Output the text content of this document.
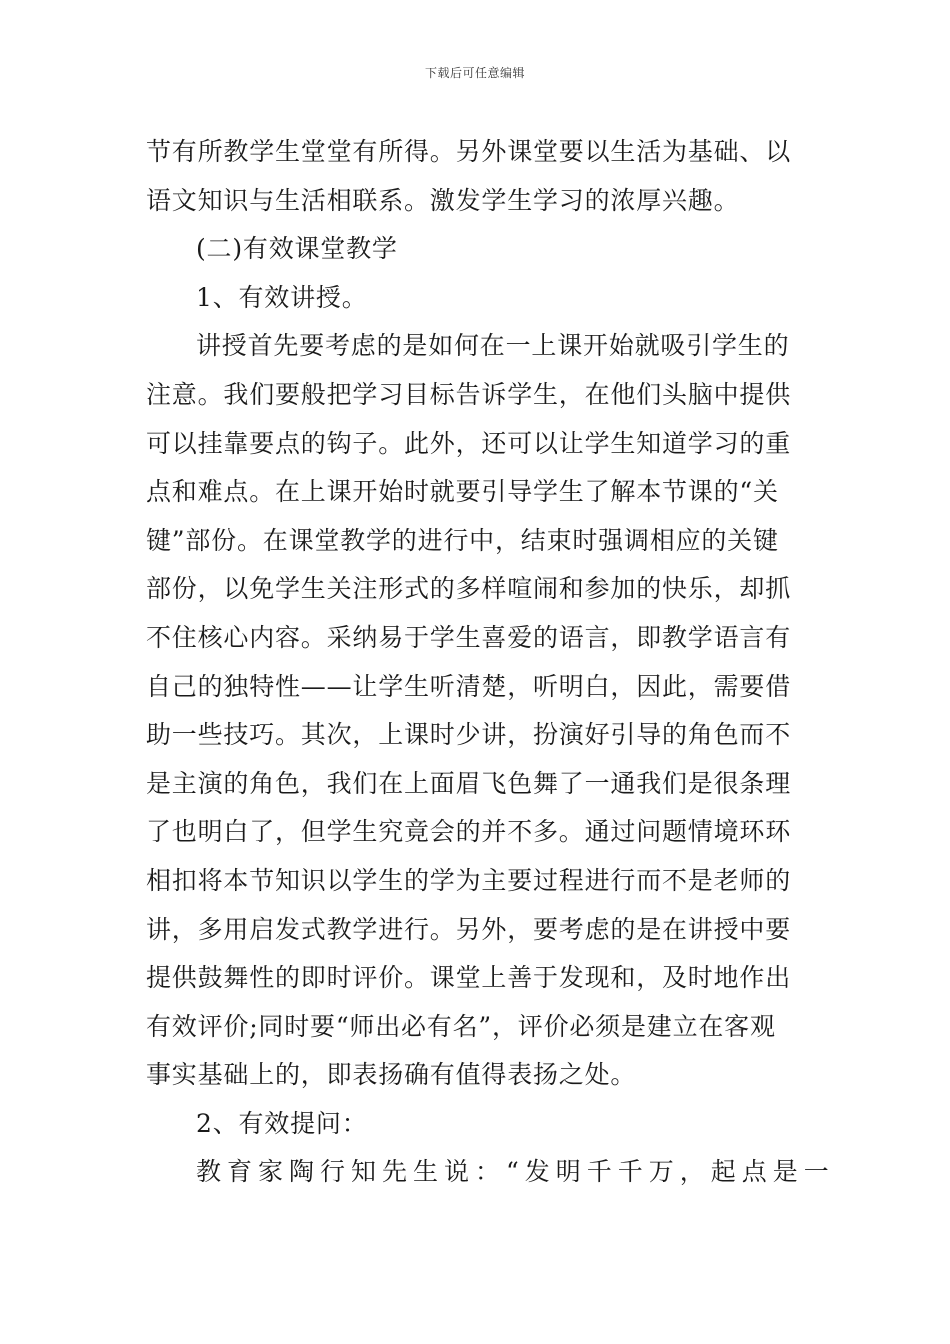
下载后可任意编辑
节有所教学生堂堂有所得。另外课堂要以生活为基础、以
语文知识与生活相联系。激发学生学习的浓厚兴趣。
(二)有效课堂教学
1、有效讲授。
讲授首先要考虑的是如何在一上课开始就吸引学生的
注意。我们要般把学习目标告诉学生，在他们头脑中提供
可以挂靠要点的钩子。此外，还可以让学生知道学习的重
点和难点。在上课开始时就要引导学生了解本节课的“关
键”部份。在课堂教学的进行中，结束时强调相应的关键
部份，以免学生关注形式的多样喧闹和参加的快乐，却抓
不住核心内容。采纳易于学生喜爱的语言，即教学语言有
自己的独特性——让学生听清楚，听明白，因此，需要借
助一些技巧。其次，上课时少讲，扮演好引导的角色而不
是主演的角色，我们在上面眉飞色舞了一通我们是很条理
了也明白了，但学生究竟会的并不多。通过问题情境环环
相扣将本节知识以学生的学为主要过程进行而不是老师的
讲，多用启发式教学进行。另外，要考虑的是在讲授中要
提供鼓舞性的即时评价。课堂上善于发现和，及时地作出
有效评价;同时要“师出必有名”，评价必须是建立在客观
事实基础上的，即表扬确有值得表扬之处。
2、有效提问：
教育家陶行知先生说：“发明千千万，起点是一
